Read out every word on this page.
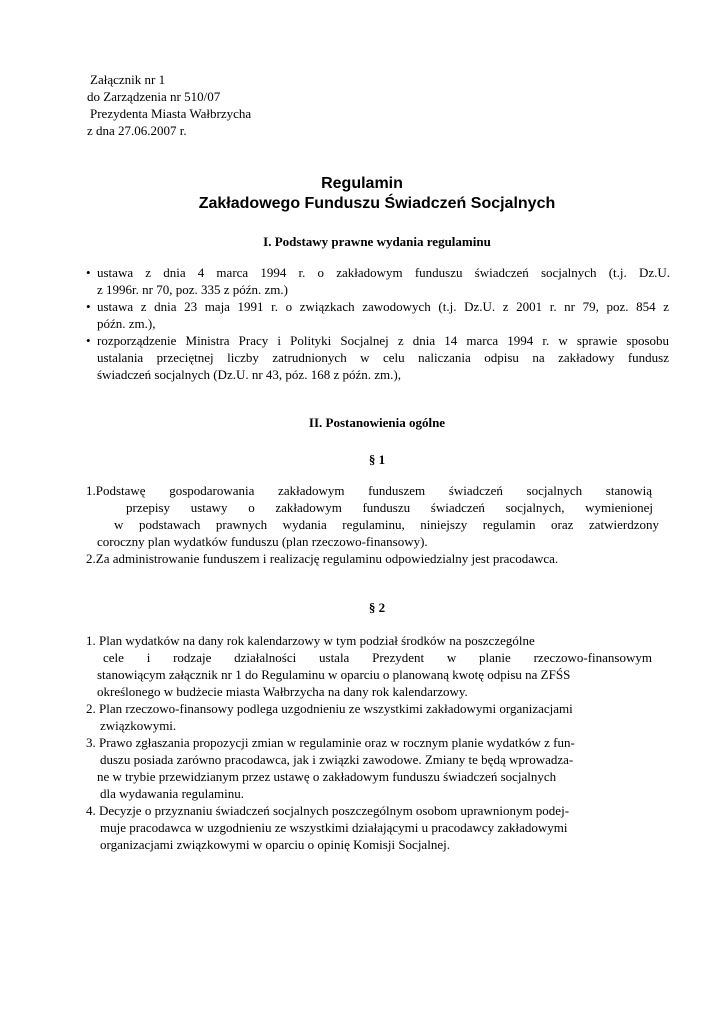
Załącznik nr 1
do Zarządzenia nr 510/07
Prezydenta Miasta Wałbrzycha
z dna 27.06.2007 r.
Regulamin
Zakładowego Funduszu Świadczeń Socjalnych
I. Podstawy prawne wydania regulaminu
• ustawa z dnia 4 marca 1994 r. o zakładowym funduszu świadczeń socjalnych (t.j. Dz.U.
z 1996r. nr 70, poz. 335 z późn. zm.)
• ustawa z dnia 23 maja 1991 r. o związkach zawodowych (t.j. Dz.U. z 2001 r. nr 79, poz. 854 z
późn. zm.),
• rozporządzenie Ministra Pracy i Polityki Socjalnej z dnia 14 marca 1994 r. w sprawie sposobu
ustalania przeciętnej liczby zatrudnionych w celu naliczania odpisu na zakładowy fundusz
świadczeń socjalnych (Dz.U. nr 43, póz. 168 z późn. zm.),
II. Postanowienia ogólne
§ 1
1.Podstawę gospodarowania zakładowym funduszem świadczeń socjalnych stanowią
przepisy ustawy o zakładowym funduszu świadczeń socjalnych, wymienionej
w podstawach prawnych wydania regulaminu, niniejszy regulamin oraz zatwierdzony
coroczny plan wydatków funduszu (plan rzeczowo-finansowy).
2.Za administrowanie funduszem i realizację regulaminu odpowiedzialny jest pracodawca.
§ 2
1. Plan wydatków na dany rok kalendarzowy w tym podział środków na poszczególne
cele i rodzaje działalności ustala Prezydent w planie rzeczowo-finansowym
stanowiącym załącznik nr 1 do Regulaminu w oparciu o planowaną kwotę odpisu na ZFŚS
określonego w budżecie miasta Wałbrzycha na dany rok kalendarzowy.
2. Plan rzeczowo-finansowy podlega uzgodnieniu ze wszystkimi zakładowymi organizacjami
związkowymi.
3. Prawo zgłaszania propozycji zmian w regulaminie oraz w rocznym planie wydatków z fun-
duszu posiada zarówno pracodawca, jak i związki zawodowe. Zmiany te będą wprowadza-
ne w trybie przewidzianym przez ustawę o zakładowym funduszu świadczeń socjalnych
dla wydawania regulaminu.
4. Decyzje o przyznaniu świadczeń socjalnych poszczególnym osobom uprawnionym podej-
muje pracodawca w uzgodnieniu ze wszystkimi działającymi u pracodawcy zakładowymi
organizacjami związkowymi w oparciu o opinię Komisji Socjalnej.
